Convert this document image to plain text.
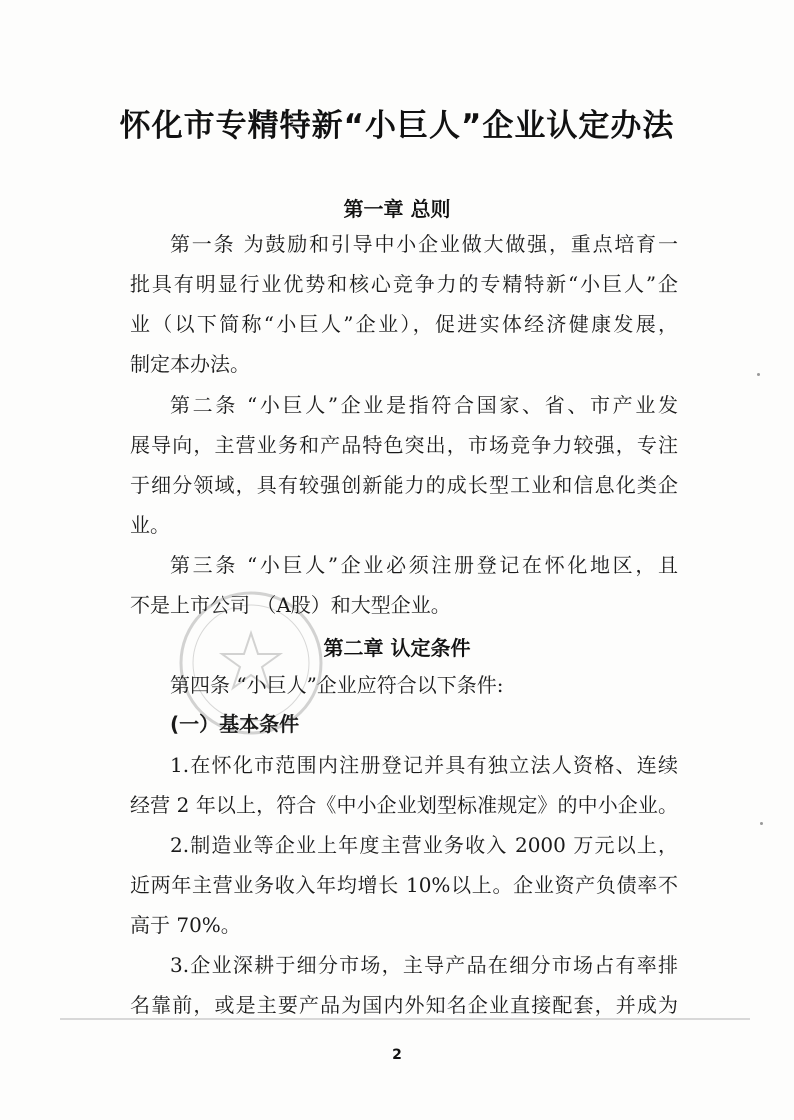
怀化市专精特新“小巨人”企业认定办法
第一章 总则
第一条 为鼓励和引导中小企业做大做强，重点培育一
批具有明显行业优势和核心竞争力的专精特新“小巨人”企
业（以下简称“小巨人”企业），促进实体经济健康发展，
制定本办法。
第二条 “小巨人”企业是指符合国家、省、市产业发
展导向，主营业务和产品特色突出，市场竞争力较强，专注
于细分领域，具有较强创新能力的成长型工业和信息化类企
业。
第三条 “小巨人”企业必须注册登记在怀化地区，且
不是上市公司 （A股）和大型企业。
第二章 认定条件
第四条 “小巨人”企业应符合以下条件:
(一）基本条件
1.在怀化市范围内注册登记并具有独立法人资格、连续
经营 2 年以上，符合《中小企业划型标准规定》的中小企业。
2.制造业等企业上年度主营业务收入 2000 万元以上，
近两年主营业务收入年均增长 10%以上。企业资产负债率不
高于 70%。
3.企业深耕于细分市场，主导产品在细分市场占有率排
名靠前，或是主要产品为国内外知名企业直接配套，并成为
2
